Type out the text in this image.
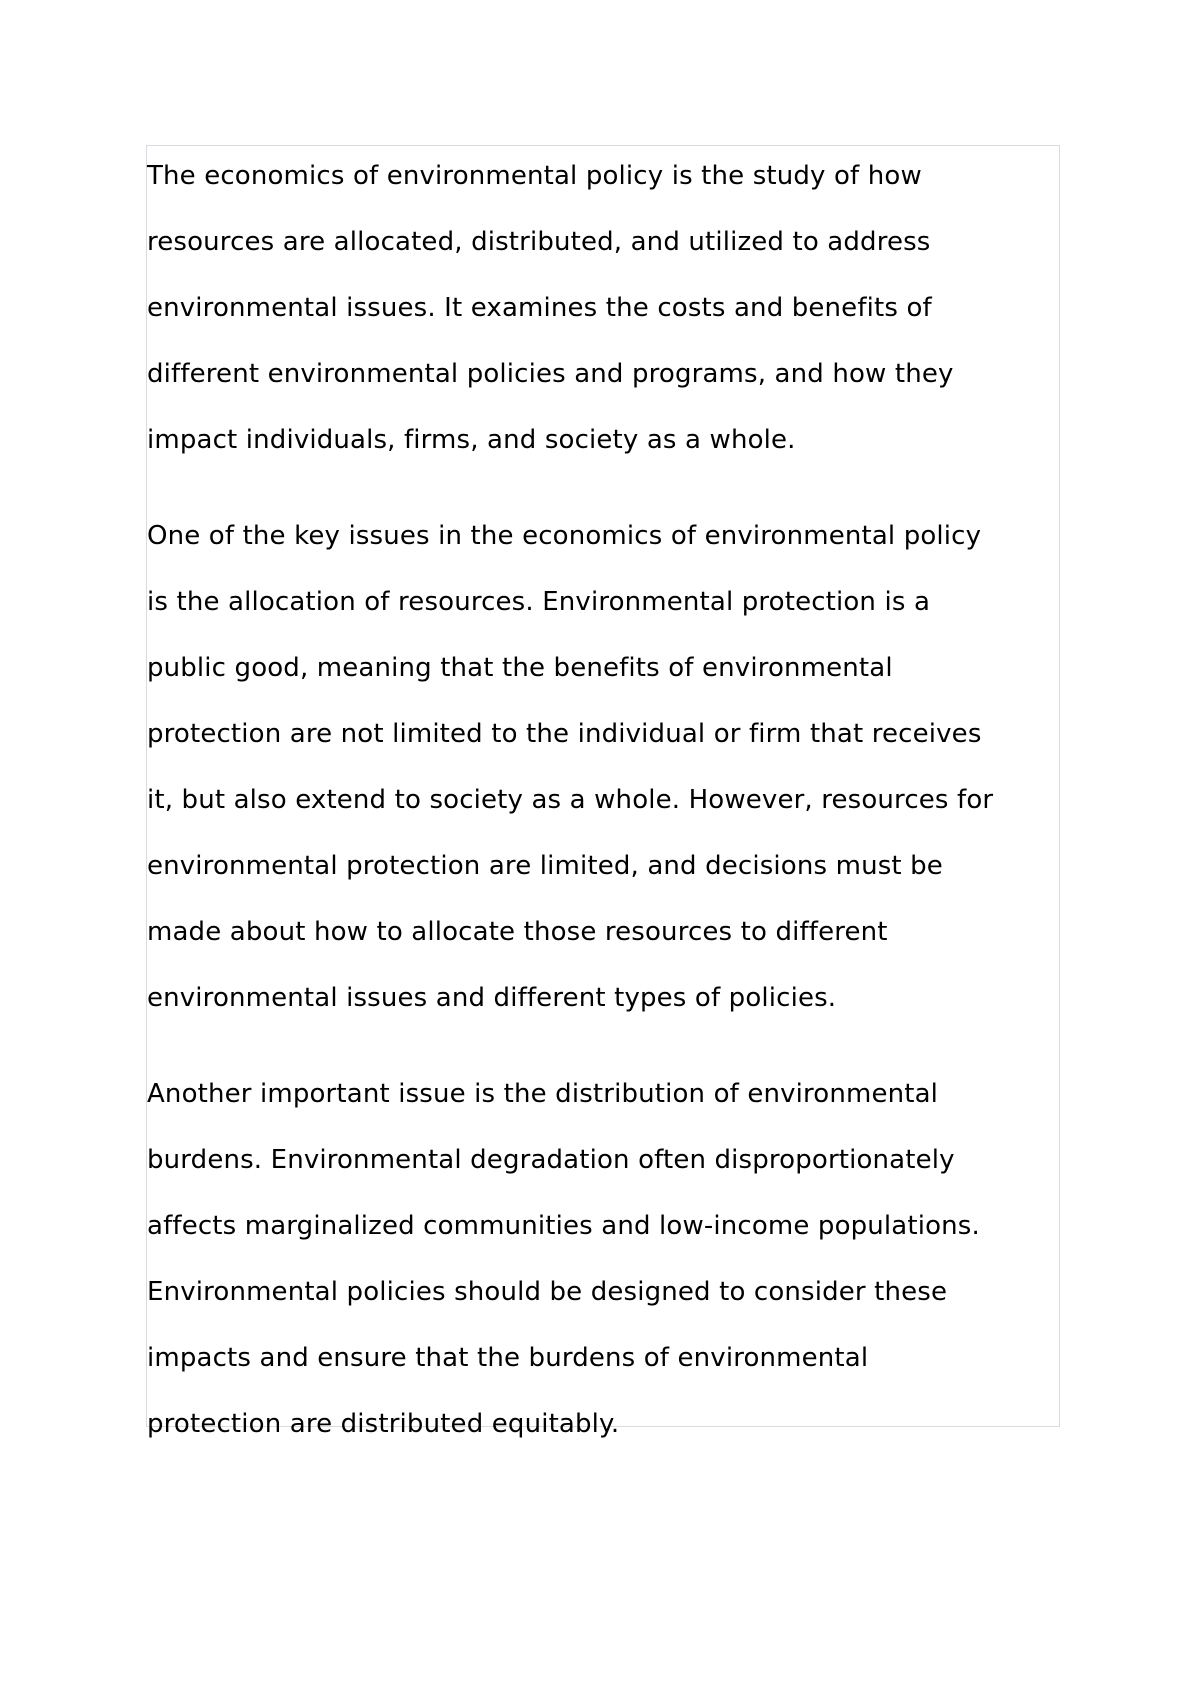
The economics of environmental policy is the study of how
resources are allocated, distributed, and utilized to address
environmental issues. It examines the costs and benefits of
different environmental policies and programs, and how they
impact individuals, firms, and society as a whole.

One of the key issues in the economics of environmental policy
is the allocation of resources. Environmental protection is a
public good, meaning that the benefits of environmental
protection are not limited to the individual or firm that receives
it, but also extend to society as a whole. However, resources for
environmental protection are limited, and decisions must be
made about how to allocate those resources to different
environmental issues and different types of policies.

Another important issue is the distribution of environmental
burdens. Environmental degradation often disproportionately
affects marginalized communities and low-income populations.
Environmental policies should be designed to consider these
impacts and ensure that the burdens of environmental
protection are distributed equitably.
